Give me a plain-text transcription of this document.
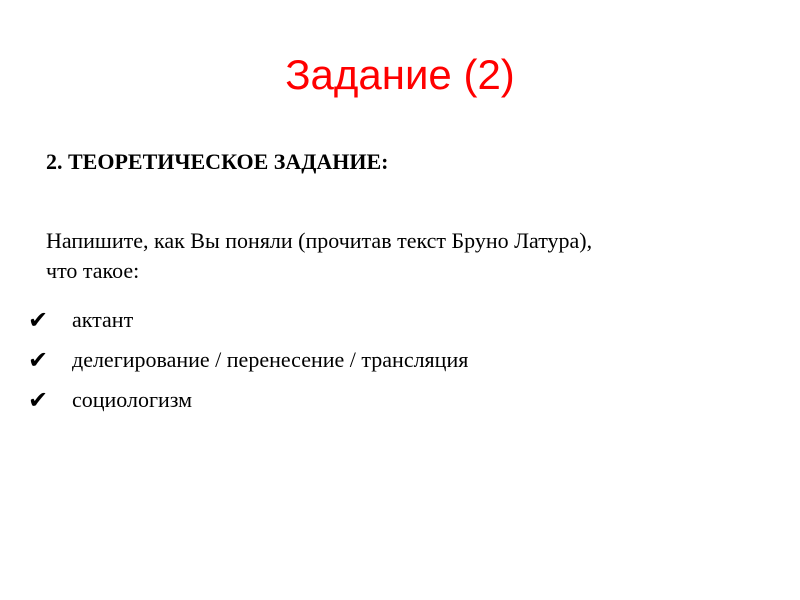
Задание (2)
2. ТЕОРЕТИЧЕСКОЕ ЗАДАНИЕ:
Напишите, как Вы поняли (прочитав текст Бруно Латура),
что такое:
✔	актант
✔	делегирование / перенесение / трансляция
✔	социологизм
